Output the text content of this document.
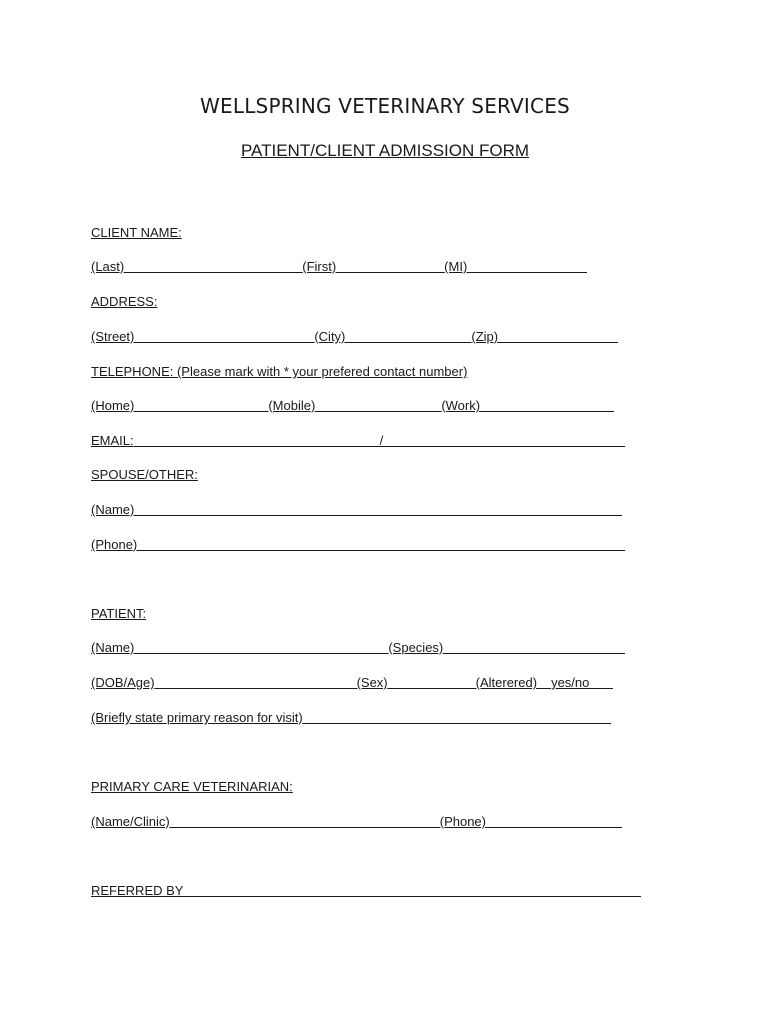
WELLSPRING VETERINARY SERVICES
PATIENT/CLIENT ADMISSION FORM
CLIENT NAME:
(Last)	(First)	(MI)
ADDRESS:
(Street)	(City)	(Zip)
TELEPHONE: (Please mark with * your prefered contact number)
(Home)	(Mobile)	(Work)
EMAIL:	/
SPOUSE/OTHER:
(Name)
(Phone)
PATIENT:
(Name)	(Species)
(DOB/Age)	(Sex)	(Alterered) yes/no
(Briefly state primary reason for visit)
PRIMARY CARE VETERINARIAN:
(Name/Clinic)	(Phone)
REFERRED BY
